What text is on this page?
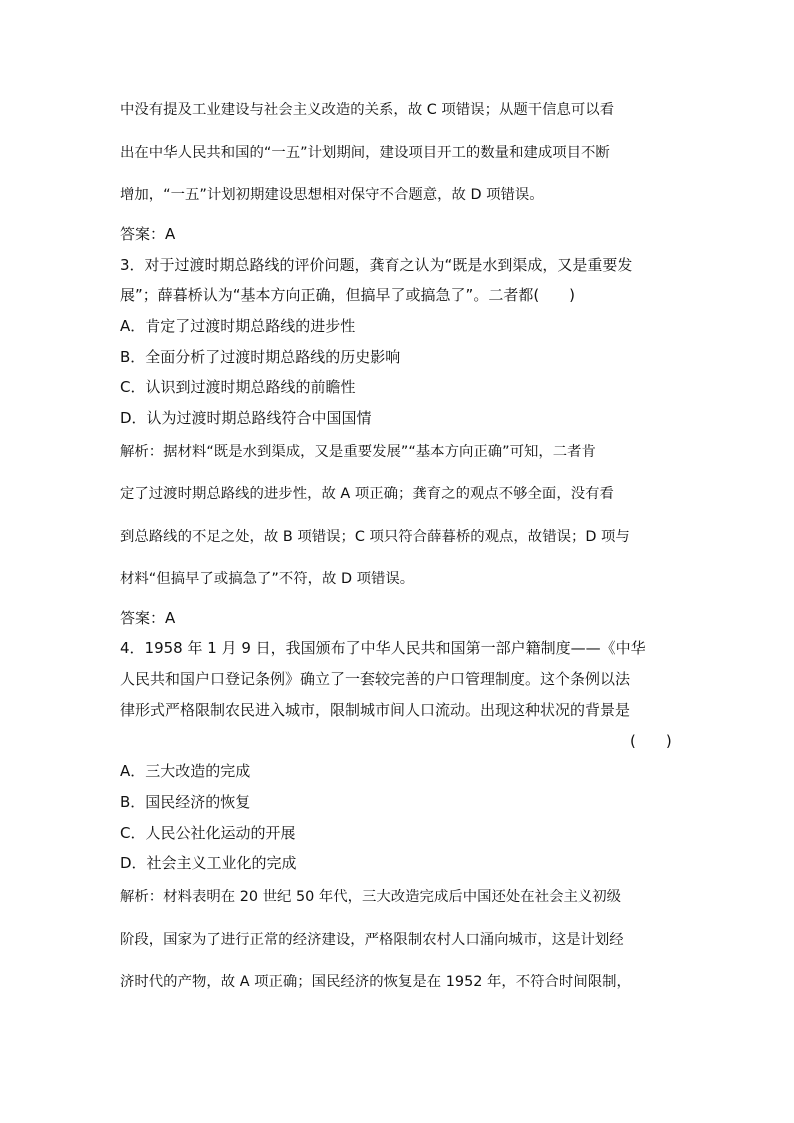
中没有提及工业建设与社会主义改造的关系，故 C 项错误；从题干信息可以看
出在中华人民共和国的“一五”计划期间，建设项目开工的数量和建成项目不断
增加，“一五”计划初期建设思想相对保守不合题意，故 D 项错误。
答案：A
3．对于过渡时期总路线的评价问题，龚育之认为“既是水到渠成，又是重要发
展”；薛暮桥认为“基本方向正确，但搞早了或搞急了”。二者都(　　)
A．肯定了过渡时期总路线的进步性
B．全面分析了过渡时期总路线的历史影响
C．认识到过渡时期总路线的前瞻性
D．认为过渡时期总路线符合中国国情
解析：据材料“既是水到渠成，又是重要发展”“基本方向正确”可知，二者肯
定了过渡时期总路线的进步性，故 A 项正确；龚育之的观点不够全面，没有看
到总路线的不足之处，故 B 项错误；C 项只符合薛暮桥的观点，故错误；D 项与
材料“但搞早了或搞急了”不符，故 D 项错误。
答案：A
4．1958 年 1 月 9 日，我国颁布了中华人民共和国第一部户籍制度——《中华
人民共和国户口登记条例》确立了一套较完善的户口管理制度。这个条例以法
律形式严格限制农民进入城市，限制城市间人口流动。出现这种状况的背景是
(　　)
A．三大改造的完成
B．国民经济的恢复
C．人民公社化运动的开展
D．社会主义工业化的完成
解析：材料表明在 20 世纪 50 年代，三大改造完成后中国还处在社会主义初级
阶段，国家为了进行正常的经济建设，严格限制农村人口涌向城市，这是计划经
济时代的产物，故 A 项正确；国民经济的恢复是在 1952 年，不符合时间限制，
